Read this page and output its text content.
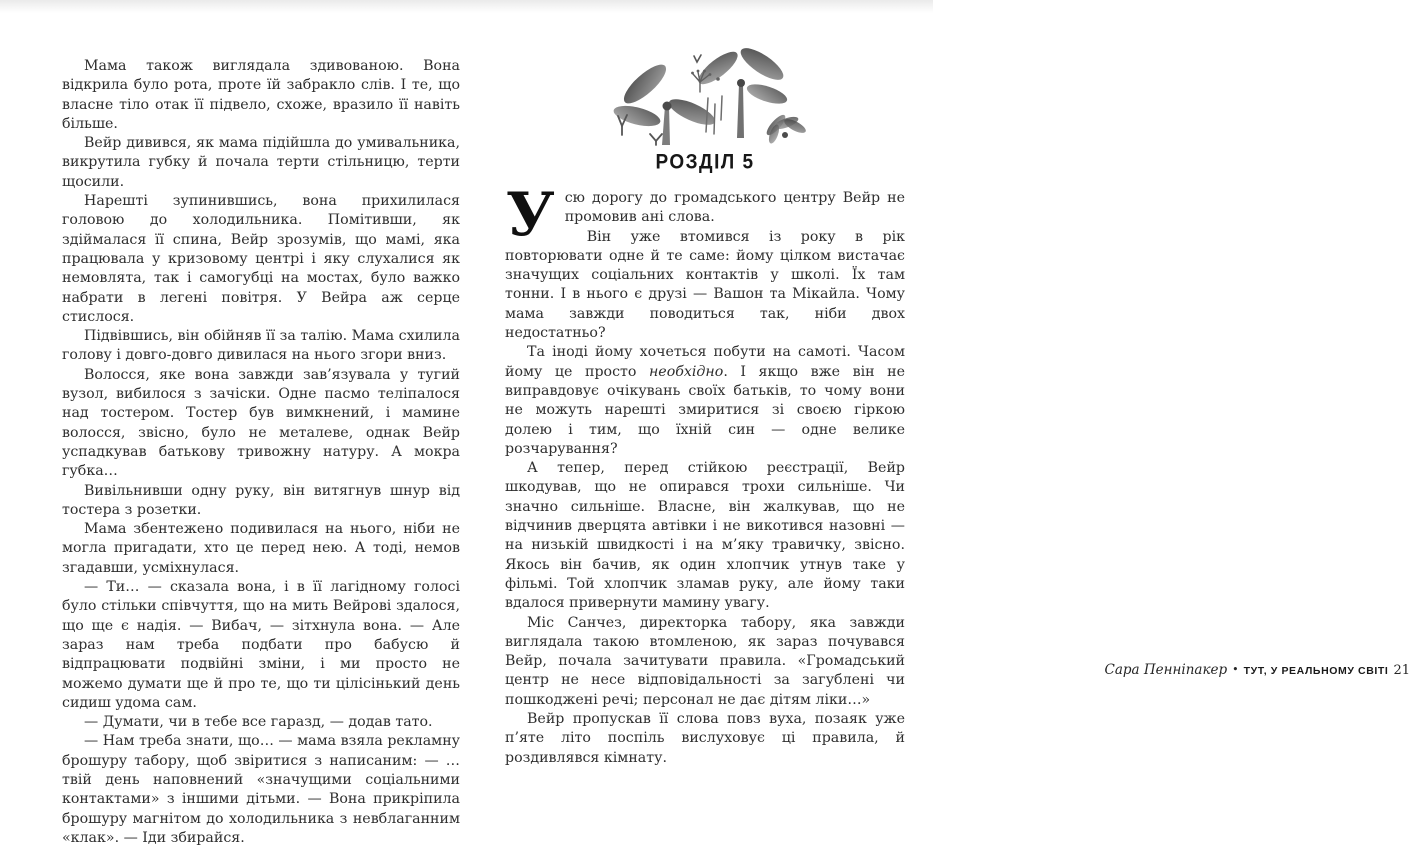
Мама також виглядала здивованою. Вона відкрила було рота, проте їй забракло слів. І те, що власне тіло отак її підвело, схоже, вразило її навіть більше.

Вейр дивився, як мама підійшла до умивальника, викрутила губку й почала терти стільницю, терти щосили.

Нарешті зупинившись, вона прихилилася головою до холодильника. Помітивши, як здіймалася її спина, Вейр зрозумів, що мамі, яка працювала у кризовому центрі і яку слухалися як немовлята, так і самогубці на мостах, було важко набрати в легені повітря. У Вейра аж серце стислося.

Підвівшись, він обійняв її за талію. Мама схилила голову і довго-довго дивилася на нього згори вниз.

Волосся, яке вона завжди зав’язувала у тугий вузол, вибилося з зачіски. Одне пасмо теліпалося над тостером. Тостер був вимкнений, і мамине волосся, звісно, було не металеве, однак Вейр успадкував батькову тривожну натуру. А мокра губка…

Вивільнивши одну руку, він витягнув шнур від тостера з розетки.

Мама збентежено подивилася на нього, ніби не могла пригадати, хто це перед нею. А тоді, немов згадавши, усміхнулася.

— Ти… — сказала вона, і в її лагідному голосі було стільки співчуття, що на мить Вейрові здалося, що ще є надія. — Вибач, — зітхнула вона. — Але зараз нам треба подбати про бабусю й відпрацювати подвійні зміни, і ми просто не можемо думати ще й про те, що ти цілісінький день сидиш удома сам.

— Думати, чи в тебе все гаразд, — додав тато.

— Нам треба знати, що… — мама взяла рекламну брошуру табору, щоб звіритися з написаним: — …твій день наповнений «значущими соціальними контактами» з іншими дітьми. — Вона прикріпила брошуру магнітом до холодильника з невблаганним «клак». — Іди збирайся.

РОЗДІЛ 5

Усю дорогу до громадського центру Вейр не промовив ані слова.

Він уже втомився із року в рік повторювати одне й те саме: йому цілком вистачає значущих соціальних контактів у школі. Їх там тонни. І в нього є друзі — Вашон та Мікайла. Чому мама завжди поводиться так, ніби двох недостатньо?

Та іноді йому хочеться побути на самоті. Часом йому це просто необхідно. І якщо вже він не виправдовує очікувань своїх батьків, то чому вони не можуть нарешті змиритися зі своєю гіркою долею і тим, що їхній син — одне велике розчарування?

А тепер, перед стійкою реєстрації, Вейр шкодував, що не опирався трохи сильніше. Чи значно сильніше. Власне, він жалкував, що не відчинив дверцята автівки і не викотився назовні — на низькій швидкості і на м’яку травичку, звісно. Якось він бачив, як один хлопчик утнув таке у фільмі. Той хлопчик зламав руку, але йому таки вдалося привернути мамину увагу.

Міс Санчез, директорка табору, яка завжди виглядала такою втомленою, як зараз почувався Вейр, почала зачитувати правила. «Громадський центр не несе відповідальності за загублені чи пошкоджені речі; персонал не дає дітям ліки…»

Вейр пропускав її слова повз вуха, позаяк уже п’яте літо поспіль вислуховує ці правила, й роздивлявся кімнату.

Сара Пенніпакер • ТУТ, У РЕАЛЬНОМУ СВІТІ 21
